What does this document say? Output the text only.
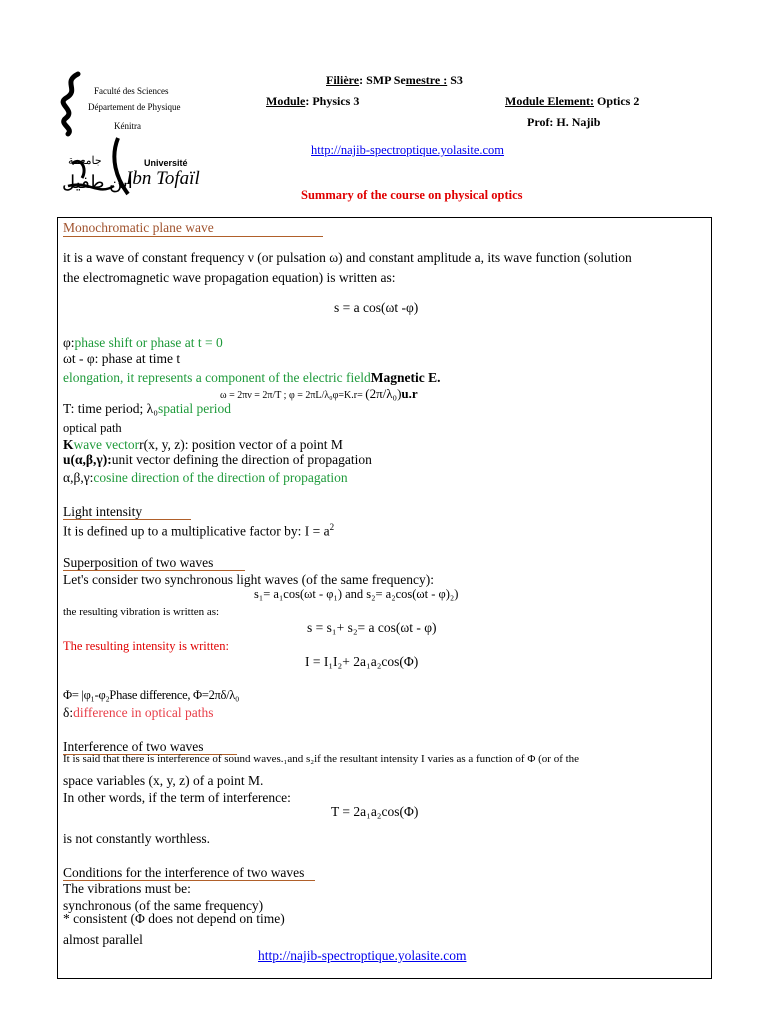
Faculté des Sciences
Département de Physique
Kénitra
جامعــة	Université
ابن طفيل
Ibn Tofaïl
Filière: SMP Semestre : S3
Module: Physics 3	Module Element: Optics 2
Prof: H. Najib
http://najib-spectroptique.yolasite.com
Summary of the course on physical optics
Monochromatic plane wave
it is a wave of constant frequency ν (or pulsation ω) and constant amplitude a, its wave function (solution
the electromagnetic wave propagation equation) is written as:
s = a cos(ωt -φ)
φ:phase shift or phase at t = 0
ωt - φ: phase at time t
elongation, it represents a component of the electric fieldMagnetic E.
ω = 2πν = 2π/T ; φ = 2πL/λ₀φ=K.r= (2π/λ₀)u.r
T: time period; λ₀spatial period
optical path
Kwave vectorr(x, y, z): position vector of a point M
u(α,β,γ):unit vector defining the direction of propagation
α,β,γ:cosine direction of the direction of propagation
Light intensity
It is defined up to a multiplicative factor by: $I = a^2$
Superposition of two waves
Let's consider two synchronous light waves (of the same frequency):
s₁= a₁cos(ωt - φ₁) and s₂= a₂cos(ωt - φ)₂)
the resulting vibration is written as:
s = s₁+ s₂= a cos(ωt - φ)
The resulting intensity is written:
I = I₁I₂+ 2a₁a₂cos(Φ)
Φ= |φ₁-φ₂Phase difference, Φ=2πδ/λ₀
δ:difference in optical paths
Interference of two waves
It is said that there is interference of sound waves.₁and s₂if the resultant intensity I varies as a function of Φ (or of the
space variables (x, y, z) of a point M.
In other words, if the term of interference:
T = 2a₁a₂cos(Φ)
is not constantly worthless.
Conditions for the interference of two waves
The vibrations must be:
synchronous (of the same frequency)
* consistent (Φ does not depend on time)
almost parallel
http://najib-spectroptique.yolasite.com
